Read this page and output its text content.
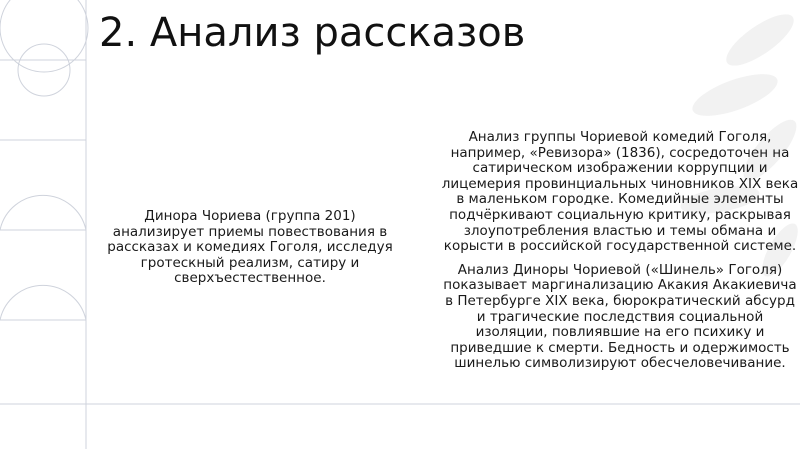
2. Анализ рассказов

Динора Чориева (группа 201) анализирует приемы повествования в рассказах и комедиях Гоголя, исследуя гротескный реализм, сатиру и сверхъестественное.

Анализ группы Чориевой комедий Гоголя, например, «Ревизора» (1836), сосредоточен на сатирическом изображении коррупции и лицемерия провинциальных чиновников XIX века в маленьком городке. Комедийные элементы подчёркивают социальную критику, раскрывая злоупотребления властью и темы обмана и корысти в российской государственной системе.

Анализ Диноры Чориевой («Шинель» Гоголя) показывает маргинализацию Акакия Акакиевича в Петербурге XIX века, бюрократический абсурд и трагические последствия социальной изоляции, повлиявшие на его психику и приведшие к смерти. Бедность и одержимость шинелью символизируют обесчеловечивание.
